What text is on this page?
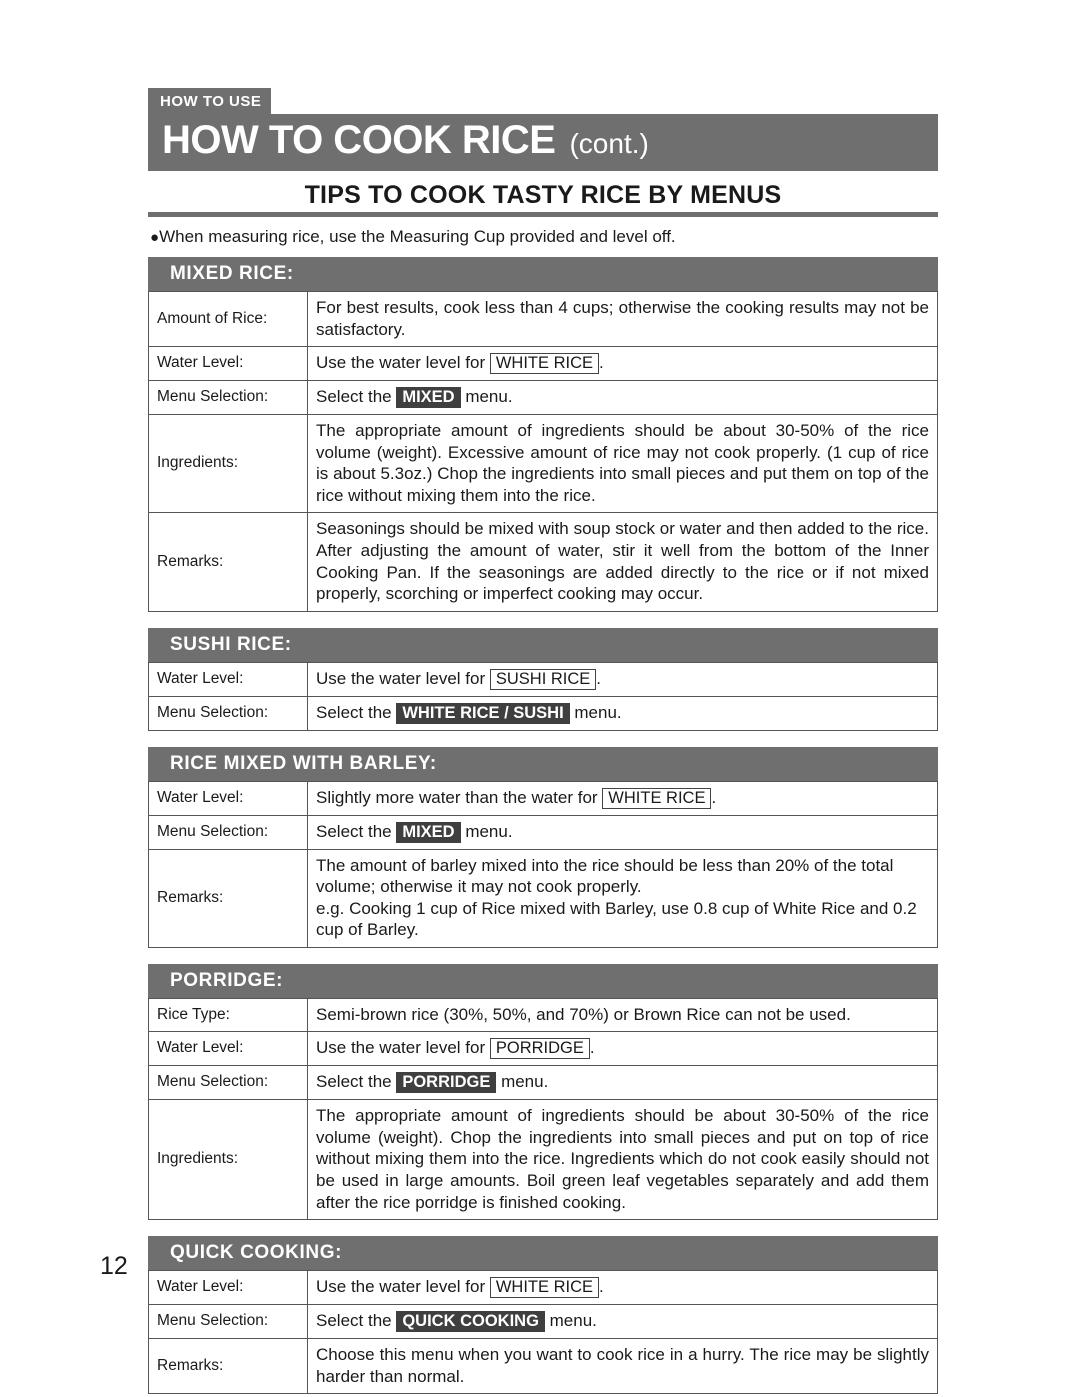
HOW TO USE
HOW TO COOK RICE (cont.)
TIPS TO COOK TASTY RICE BY MENUS
●When measuring rice, use the Measuring Cup provided and level off.
MIXED RICE:
Amount of Rice:	For best results, cook less than 4 cups; otherwise the cooking results may not be satisfactory.
Water Level:	Use the water level for WHITE RICE .
Menu Selection:	Select the MIXED menu.
Ingredients:	The appropriate amount of ingredients should be about 30-50% of the rice volume (weight). Excessive amount of rice may not cook properly. (1 cup of rice is about 5.3oz.) Chop the ingredients into small pieces and put them on top of the rice without mixing them into the rice.
Remarks:	Seasonings should be mixed with soup stock or water and then added to the rice. After adjusting the amount of water, stir it well from the bottom of the Inner Cooking Pan. If the seasonings are added directly to the rice or if not mixed properly, scorching or imperfect cooking may occur.
SUSHI RICE:
Water Level:	Use the water level for SUSHI RICE .
Menu Selection:	Select the WHITE RICE / SUSHI menu.
RICE MIXED WITH BARLEY:
Water Level:	Slightly more water than the water for WHITE RICE .
Menu Selection:	Select the MIXED menu.
Remarks:	The amount of barley mixed into the rice should be less than 20% of the total volume; otherwise it may not cook properly.
e.g. Cooking 1 cup of Rice mixed with Barley, use 0.8 cup of White Rice and 0.2 cup of Barley.
PORRIDGE:
Rice Type:	Semi-brown rice (30%, 50%, and 70%) or Brown Rice can not be used.
Water Level:	Use the water level for PORRIDGE .
Menu Selection:	Select the PORRIDGE menu.
Ingredients:	The appropriate amount of ingredients should be about 30-50% of the rice volume (weight). Chop the ingredients into small pieces and put on top of rice without mixing them into the rice. Ingredients which do not cook easily should not be used in large amounts. Boil green leaf vegetables separately and add them after the rice porridge is finished cooking.
QUICK COOKING:
Water Level:	Use the water level for WHITE RICE .
Menu Selection:	Select the QUICK COOKING menu.
Remarks:	Choose this menu when you want to cook rice in a hurry. The rice may be slightly harder than normal.
12
